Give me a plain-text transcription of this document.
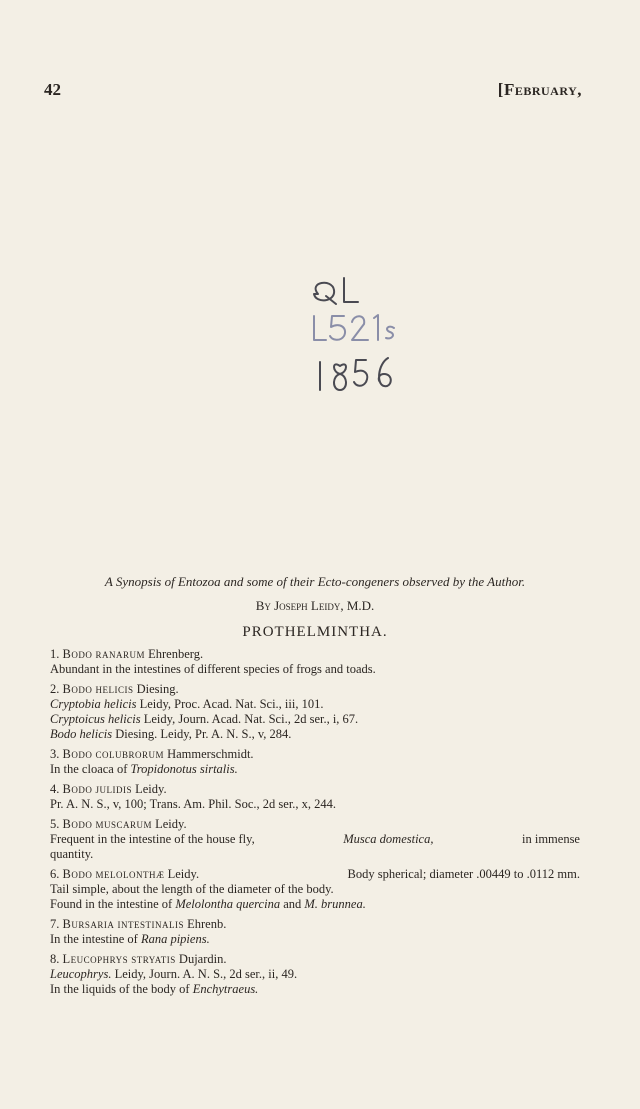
42	[February,

A Synopsis of Entozoa and some of their Ecto-congeners observed by the Author.

By Joseph Leidy, M.D.

PROTHELMINTHA.

1. Bodo ranarum Ehrenberg.
Abundant in the intestines of different species of frogs and toads.
2. Bodo helicis Diesing.
Cryptobia helicis Leidy, Proc. Acad. Nat. Sci., iii, 101.
Cryptoicus helicis Leidy, Journ. Acad. Nat. Sci., 2d ser., i, 67.
Bodo helicis Diesing. Leidy, Pr. A. N. S., v, 284.
3. Bodo colubrorum Hammerschmidt.
In the cloaca of Tropidonotus sirtalis.
4. Bodo julidis Leidy.
Pr. A. N. S., v, 100; Trans. Am. Phil. Soc., 2d ser., x, 244.
5. Bodo muscarum Leidy.
Frequent in the intestine of the house fly,	Musca domestica,	in immense
quantity.
6. Bodo melolonthæ Leidy.	Body spherical; diameter .00449 to .0112 mm.
Tail simple, about the length of the diameter of the body.
Found in the intestine of Melolontha quercina and M. brunnea.
7. Bursaria intestinalis Ehrenb.
In the intestine of Rana pipiens.
8. Leucophrys stryatis Dujardin.
Leucophrys. Leidy, Journ. A. N. S., 2d ser., ii, 49.
In the liquids of the body of Enchytraeus.
